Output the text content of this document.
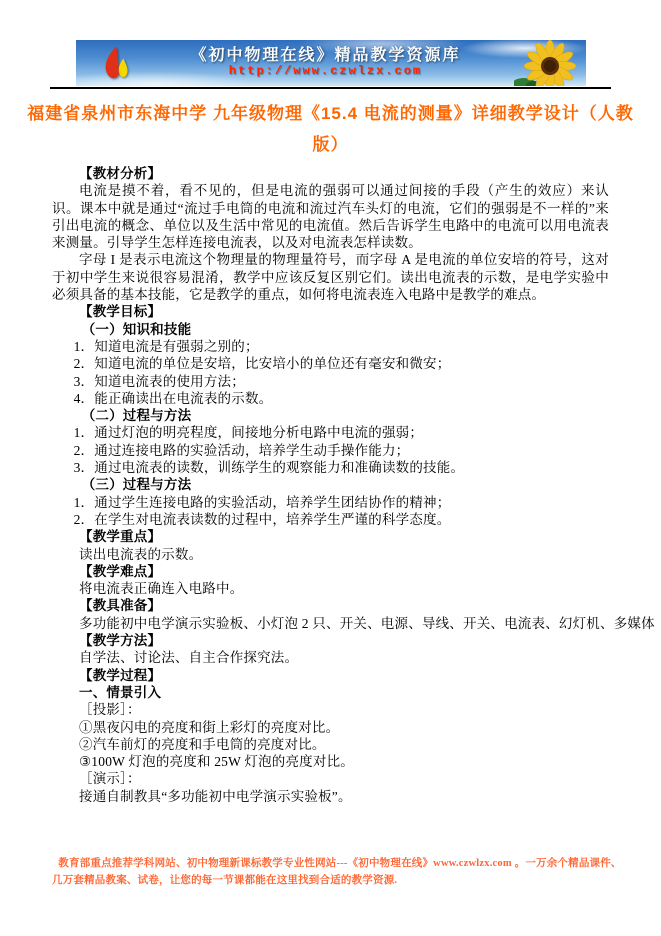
《初中物理在线》精品教学资源库
http://www.czwlzx.com
福建省泉州市东海中学 九年级物理《15.4 电流的测量》详细教学设计（人教
版）
【教材分析】
电流是摸不着，看不见的，但是电流的强弱可以通过间接的手段（产生的效应）来认识。课本中就是通过“流过手电筒的电流和流过汽车头灯的电流，它们的强弱是不一样的”来引出电流的概念、单位以及生活中常见的电流值。然后告诉学生电路中的电流可以用电流表来测量。引导学生怎样连接电流表，以及对电流表怎样读数。
字母 I 是表示电流这个物理量的物理量符号，而字母 A 是电流的单位安培的符号，这对于初中学生来说很容易混淆，教学中应该反复区别它们。读出电流表的示数，是电学实验中必须具备的基本技能，它是教学的重点，如何将电流表连入电路中是教学的难点。
【教学目标】
（一）知识和技能
1．知道电流是有强弱之别的；
2．知道电流的单位是安培，比安培小的单位还有毫安和微安；
3．知道电流表的使用方法；
4．能正确读出在电流表的示数。
（二）过程与方法
1．通过灯泡的明亮程度，间接地分析电路中电流的强弱；
2．通过连接电路的实验活动，培养学生动手操作能力；
3．通过电流表的读数，训练学生的观察能力和准确读数的技能。
（三）过程与方法
1．通过学生连接电路的实验活动，培养学生团结协作的精神；
2．在学生对电流表读数的过程中，培养学生严谨的科学态度。
【教学重点】
读出电流表的示数。
【教学难点】
将电流表正确连入电路中。
【教具准备】
多功能初中电学演示实验板、小灯泡 2 只、开关、电源、导线、开关、电流表、幻灯机、多媒体
【教学方法】
自学法、讨论法、自主合作探究法。
【教学过程】
一、情景引入
［投影］：
①黑夜闪电的亮度和街上彩灯的亮度对比。
②汽车前灯的亮度和手电筒的亮度对比。
③100W 灯泡的亮度和 25W 灯泡的亮度对比。
［演示］：
接通自制教具“多功能初中电学演示实验板”。
教育部重点推荐学科网站、初中物理新课标教学专业性网站---《初中物理在线》www.czwlzx.com 。一万余个精品课件、
几万套精品教案、试卷，让您的每一节课都能在这里找到合适的教学资源.
